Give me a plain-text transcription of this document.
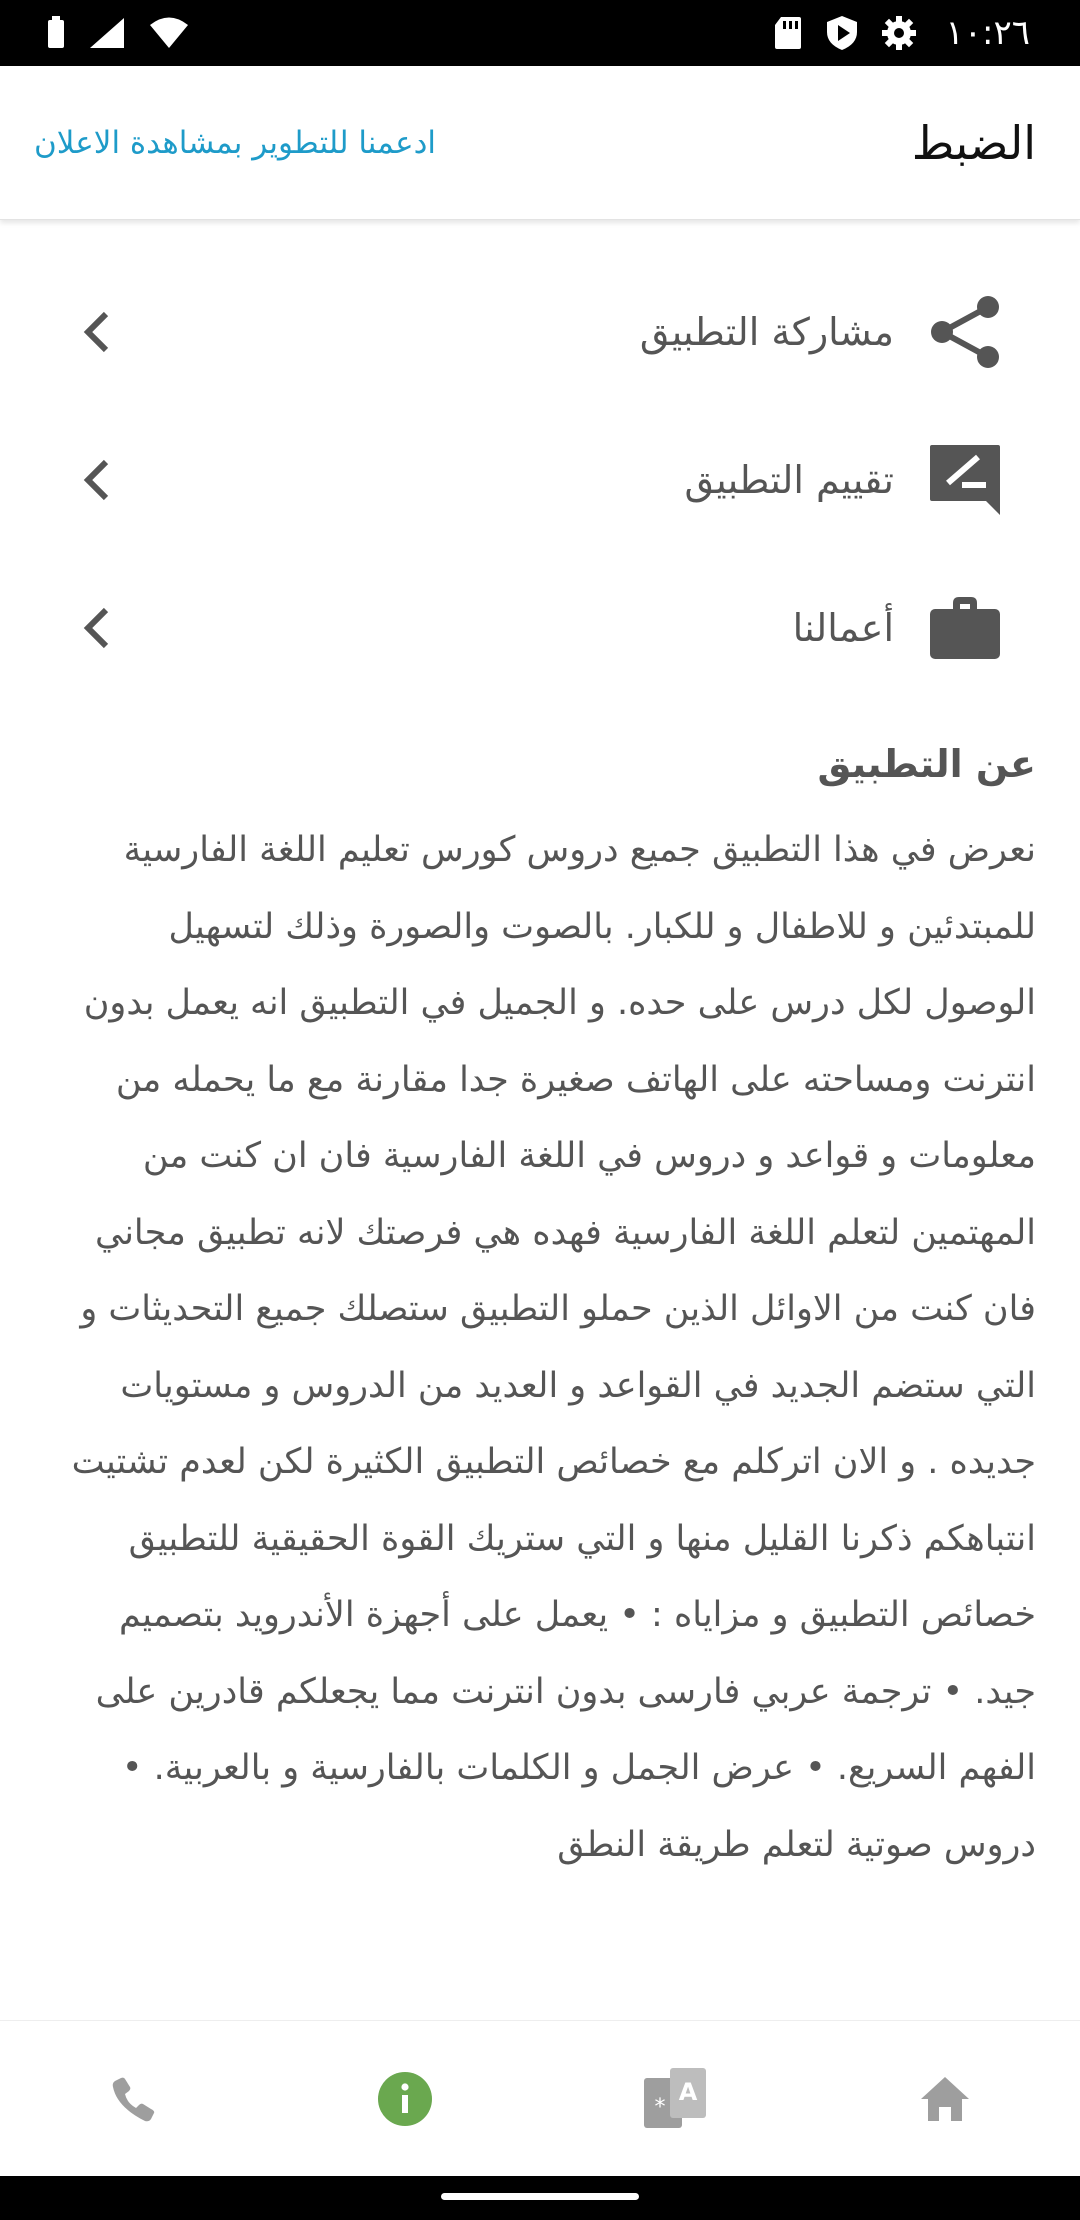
١٠:٢٦
ادعمنا للتطوير بمشاهدة الاعلان	الضبط
مشاركة التطبيق
تقييم التطبيق
أعمالنا
عن التطبيق
نعرض في هذا التطبيق جميع دروس كورس تعليم اللغة الفارسية للمبتدئين و للاطفال و للكبار. بالصوت والصورة وذلك لتسهيل الوصول لكل درس على حده. و الجميل في التطبيق انه يعمل بدون انترنت ومساحته على الهاتف صغيرة جدا مقارنة مع ما يحمله من معلومات و قواعد و دروس في اللغة الفارسية فان ان كنت من المهتمين لتعلم اللغة الفارسية فهده هي فرصتك لانه تطبيق مجاني فان كنت من الاوائل الذين حملو التطبيق ستصلك جميع التحديثات و التي ستضم الجديد في القواعد و العديد من الدروس و مستويات جديده . و الان اتركلم مع خصائص التطبيق الكثيرة لكن لعدم تشتيت انتباهكم ذكرنا القليل منها و التي ستريك القوة الحقيقية للتطبيق خصائص التطبيق و مزاياه : • يعمل على أجهزة الأندرويد بتصميم جيد. • ترجمة عربي فارسى بدون انترنت مما يجعلكم قادرين على الفهم السريع. • عرض الجمل و الكلمات بالفارسية و بالعربية. • دروس صوتية لتعلم طريقة النطق
A
*
